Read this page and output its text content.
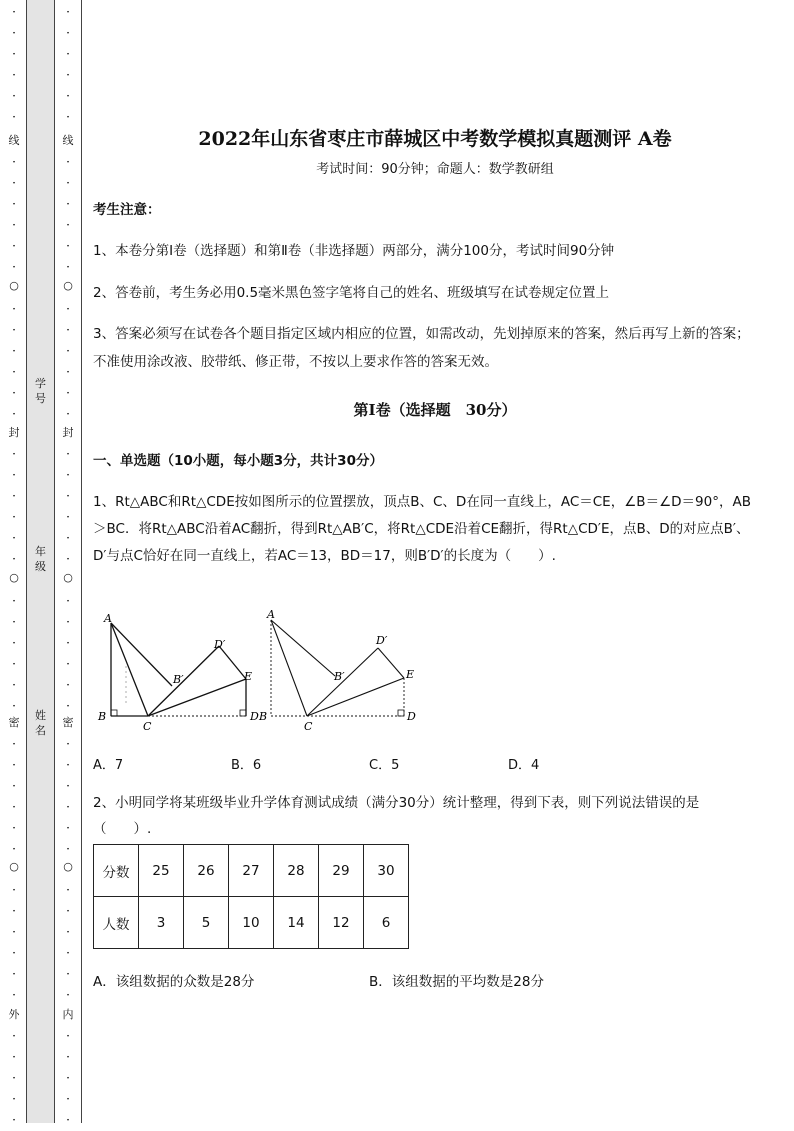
·
·
·
·
·
·
·
·
·
·
·
·
·
·
·
·
·
·
·
·
·
·
·
·
·
·
·
·
·
·
·
·
·
·
·
·
·
·
·
·
·
·
·
·
·
·
·
线
○
封
○
密
○
外
学号
年级
姓名
·
·
·
·
·
·
·
·
·
·
·
·
·
·
·
·
·
·
·
·
·
·
·
·
·
·
·
·
·
·
·
·
·
·
·
·
·
·
·
·
·
·
·
·
·
·
·
线
○
封
○
密
○
内
2022年山东省枣庄市薛城区中考数学模拟真题测评 A卷
考试时间：90分钟；命题人：数学教研组
考生注意：
1、本卷分第I卷（选择题）和第Ⅱ卷（非选择题）两部分，满分100分，考试时间90分钟
2、答卷前，考生务必用0.5毫米黑色签字笔将自己的姓名、班级填写在试卷规定位置上
3、答案必须写在试卷各个题目指定区域内相应的位置，如需改动，先划掉原来的答案，然后再写上新的答案；不准使用涂改液、胶带纸、修正带，不按以上要求作答的答案无效。
第I卷（选择题　30分）
一、单选题（10小题，每小题3分，共计30分）
1、Rt△ABC和Rt△CDE按如图所示的位置摆放，顶点B、C、D在同一直线上，AC＝CE，∠B＝∠D＝90°，AB＞BC．将Rt△ABC沿着AC翻折，得到Rt△AB′C，将Rt△CDE沿着CE翻折，得Rt△CD′E，点B、D的对应点B′、D′与点C恰好在同一直线上，若AC＝13，BD＝17，则B′D′的长度为（　　）.
A
B
C
D′
B′	E
D
A
B
C
D
D′
B′	E
A．7	B．6	C．5	D．4
2、小明同学将某班级毕业升学体育测试成绩（满分30分）统计整理，得到下表，则下列说法错误的是（　　）.
分数	25	26	27	28	29	30
人数	3	5	10	14	12	6
A．该组数据的众数是28分	B．该组数据的平均数是28分
